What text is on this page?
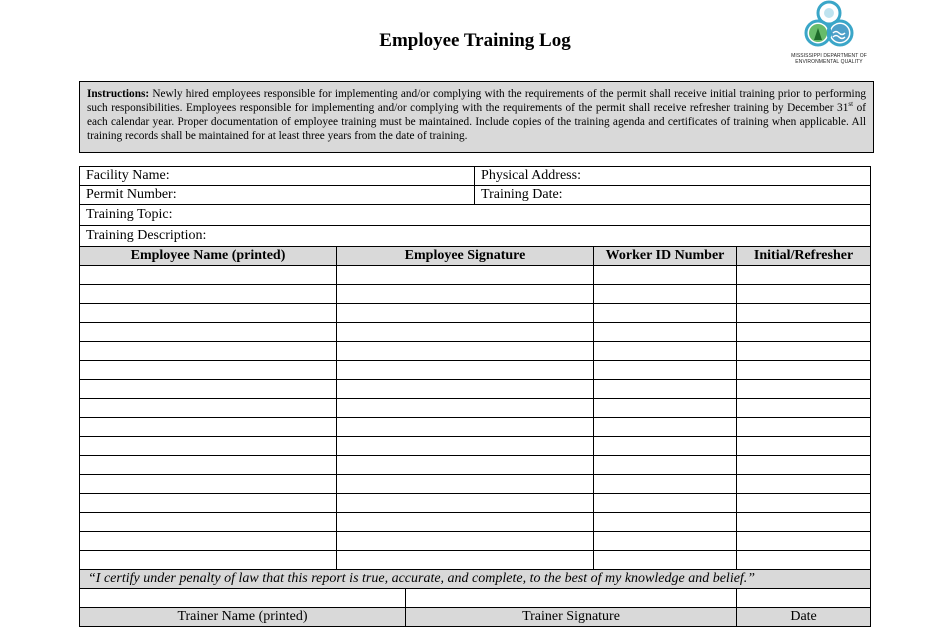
Employee Training Log
MISSISSIPPI DEPARTMENT OF
ENVIRONMENTAL QUALITY
Instructions: Newly hired employees responsible for implementing and/or complying with the requirements of the permit shall receive initial training prior to performing such responsibilities. Employees responsible for implementing and/or complying with the requirements of the permit shall receive refresher training by December 31st of each calendar year. Proper documentation of employee training must be maintained. Include copies of the training agenda and certificates of training when applicable. All training records shall be maintained for at least three years from the date of training.
Facility Name:			Physical Address:		
Permit Number:			Training Date:		
Training Topic:					
Training Description:					
Employee Name (printed)	Employee Signature			Worker ID Number	Initial/Refresher

“I certify under penalty of law that this report is true, accurate, and complete, to the best of my knowledge and belief.”					

Trainer Name (printed)		Trainer Signature			Date
